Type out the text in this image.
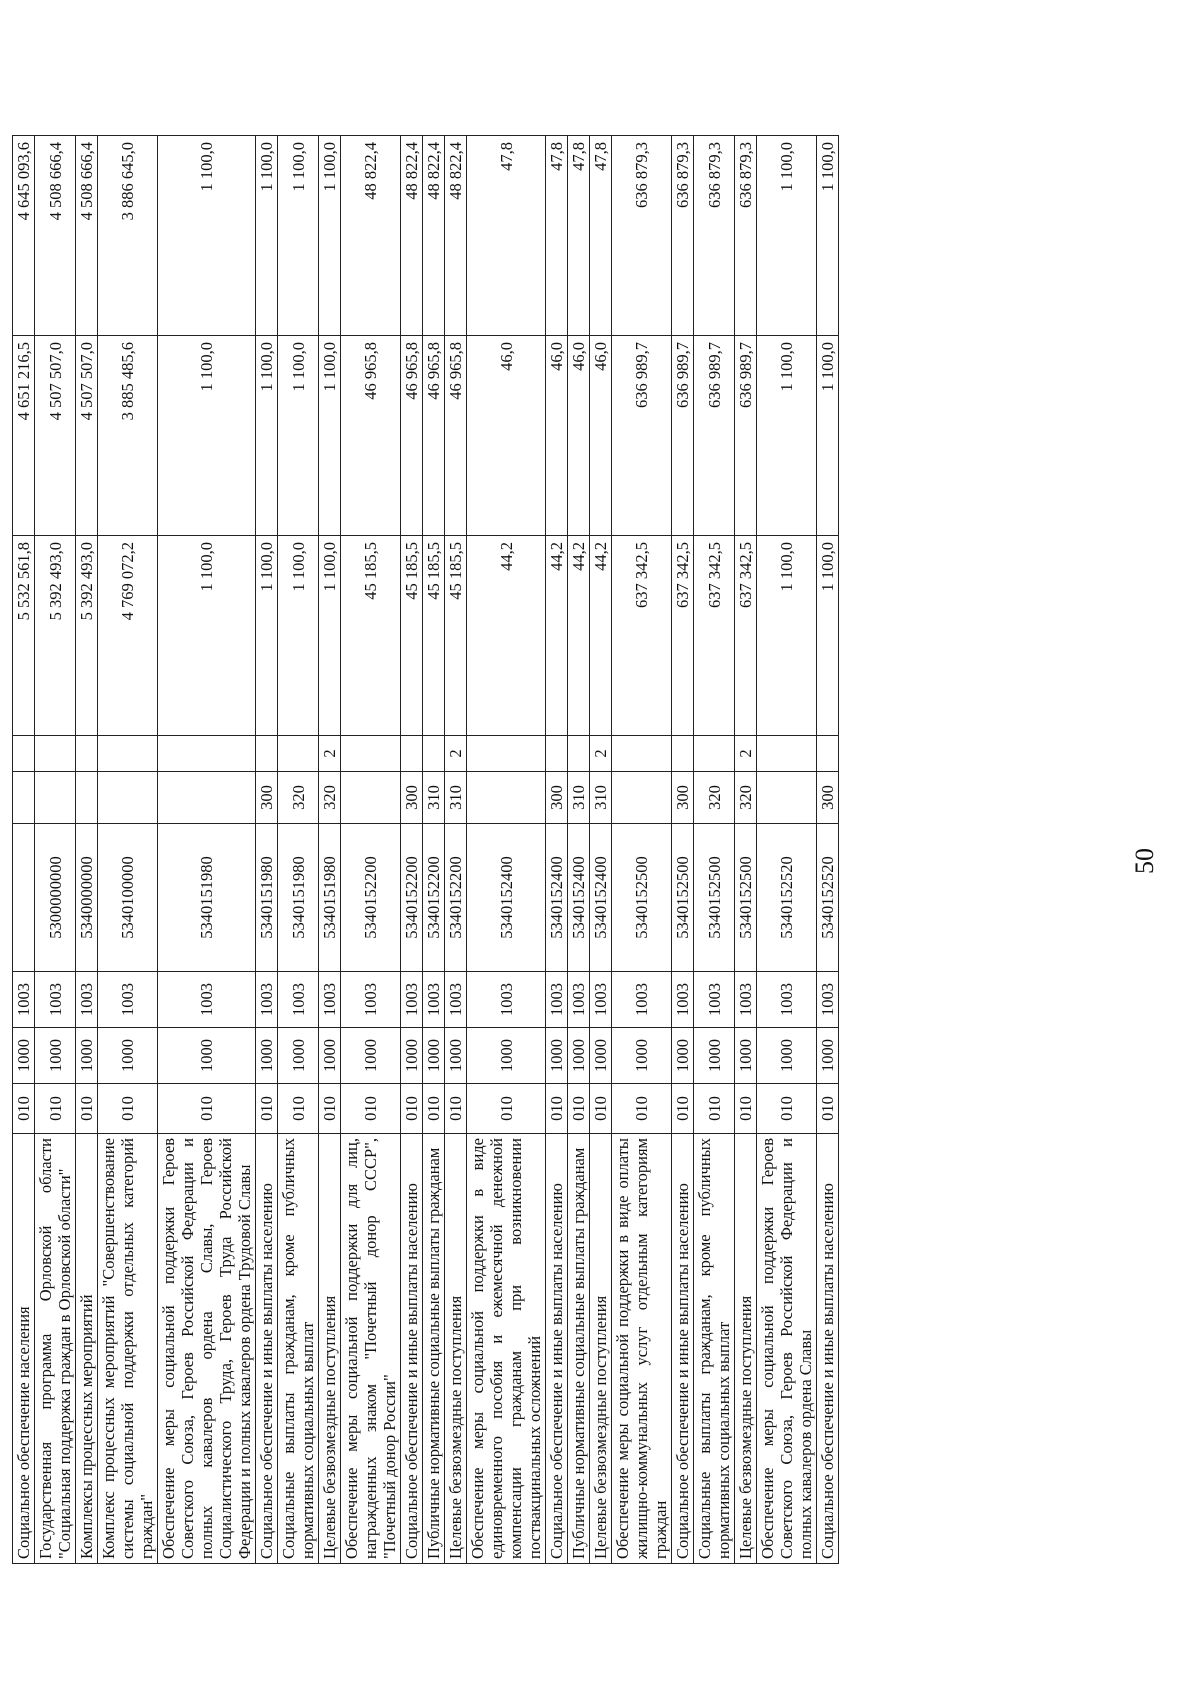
50
Социальное обеспечение населения	010	1000	1003				5 532 561,8	4 651 216,5	4 645 093,6
Государственная программа Орловской области "Социальная поддержка граждан в Орловской области"	010	1000	1003	5300000000			5 392 493,0	4 507 507,0	4 508 666,4
Комплексы процессных мероприятий	010	1000	1003	5340000000			5 392 493,0	4 507 507,0	4 508 666,4
Комплекс процессных мероприятий "Совершенствование системы социальной поддержки отдельных категорий граждан"	010	1000	1003	5340100000			4 769 072,2	3 885 485,6	3 886 645,0
Обеспечение меры социальной поддержки Героев Советского Союза, Героев Российской Федерации и полных кавалеров ордена Славы, Героев Социалистического Труда, Героев Труда Российской Федерации и полных кавалеров ордена Трудовой Славы	010	1000	1003	5340151980			1 100,0	1 100,0	1 100,0
Социальное обеспечение и иные выплаты населению	010	1000	1003	5340151980	300		1 100,0	1 100,0	1 100,0
Социальные выплаты гражданам, кроме публичных нормативных социальных выплат	010	1000	1003	5340151980	320		1 100,0	1 100,0	1 100,0
Целевые безвозмездные поступления	010	1000	1003	5340151980	320	2	1 100,0	1 100,0	1 100,0
Обеспечение меры социальной поддержки для лиц, награжденных знаком "Почетный донор СССР", "Почетный донор России"	010	1000	1003	5340152200			45 185,5	46 965,8	48 822,4
Социальное обеспечение и иные выплаты населению	010	1000	1003	5340152200	300		45 185,5	46 965,8	48 822,4
Публичные нормативные социальные выплаты гражданам	010	1000	1003	5340152200	310		45 185,5	46 965,8	48 822,4
Целевые безвозмездные поступления	010	1000	1003	5340152200	310	2	45 185,5	46 965,8	48 822,4
Обеспечение меры социальной поддержки в виде единовременного пособия и ежемесячной денежной компенсации гражданам при возникновении поствакцинальных осложнений	010	1000	1003	5340152400			44,2	46,0	47,8
Социальное обеспечение и иные выплаты населению	010	1000	1003	5340152400	300		44,2	46,0	47,8
Публичные нормативные социальные выплаты гражданам	010	1000	1003	5340152400	310		44,2	46,0	47,8
Целевые безвозмездные поступления	010	1000	1003	5340152400	310	2	44,2	46,0	47,8
Обеспечение меры социальной поддержки в виде оплаты жилищно-коммунальных услуг отдельным категориям граждан	010	1000	1003	5340152500			637 342,5	636 989,7	636 879,3
Социальное обеспечение и иные выплаты населению	010	1000	1003	5340152500	300		637 342,5	636 989,7	636 879,3
Социальные выплаты гражданам, кроме публичных нормативных социальных выплат	010	1000	1003	5340152500	320		637 342,5	636 989,7	636 879,3
Целевые безвозмездные поступления	010	1000	1003	5340152500	320	2	637 342,5	636 989,7	636 879,3
Обеспечение меры социальной поддержки Героев Советского Союза, Героев Российской Федерации и полных кавалеров ордена Славы	010	1000	1003	5340152520			1 100,0	1 100,0	1 100,0
Социальное обеспечение и иные выплаты населению	010	1000	1003	5340152520	300		1 100,0	1 100,0	1 100,0
